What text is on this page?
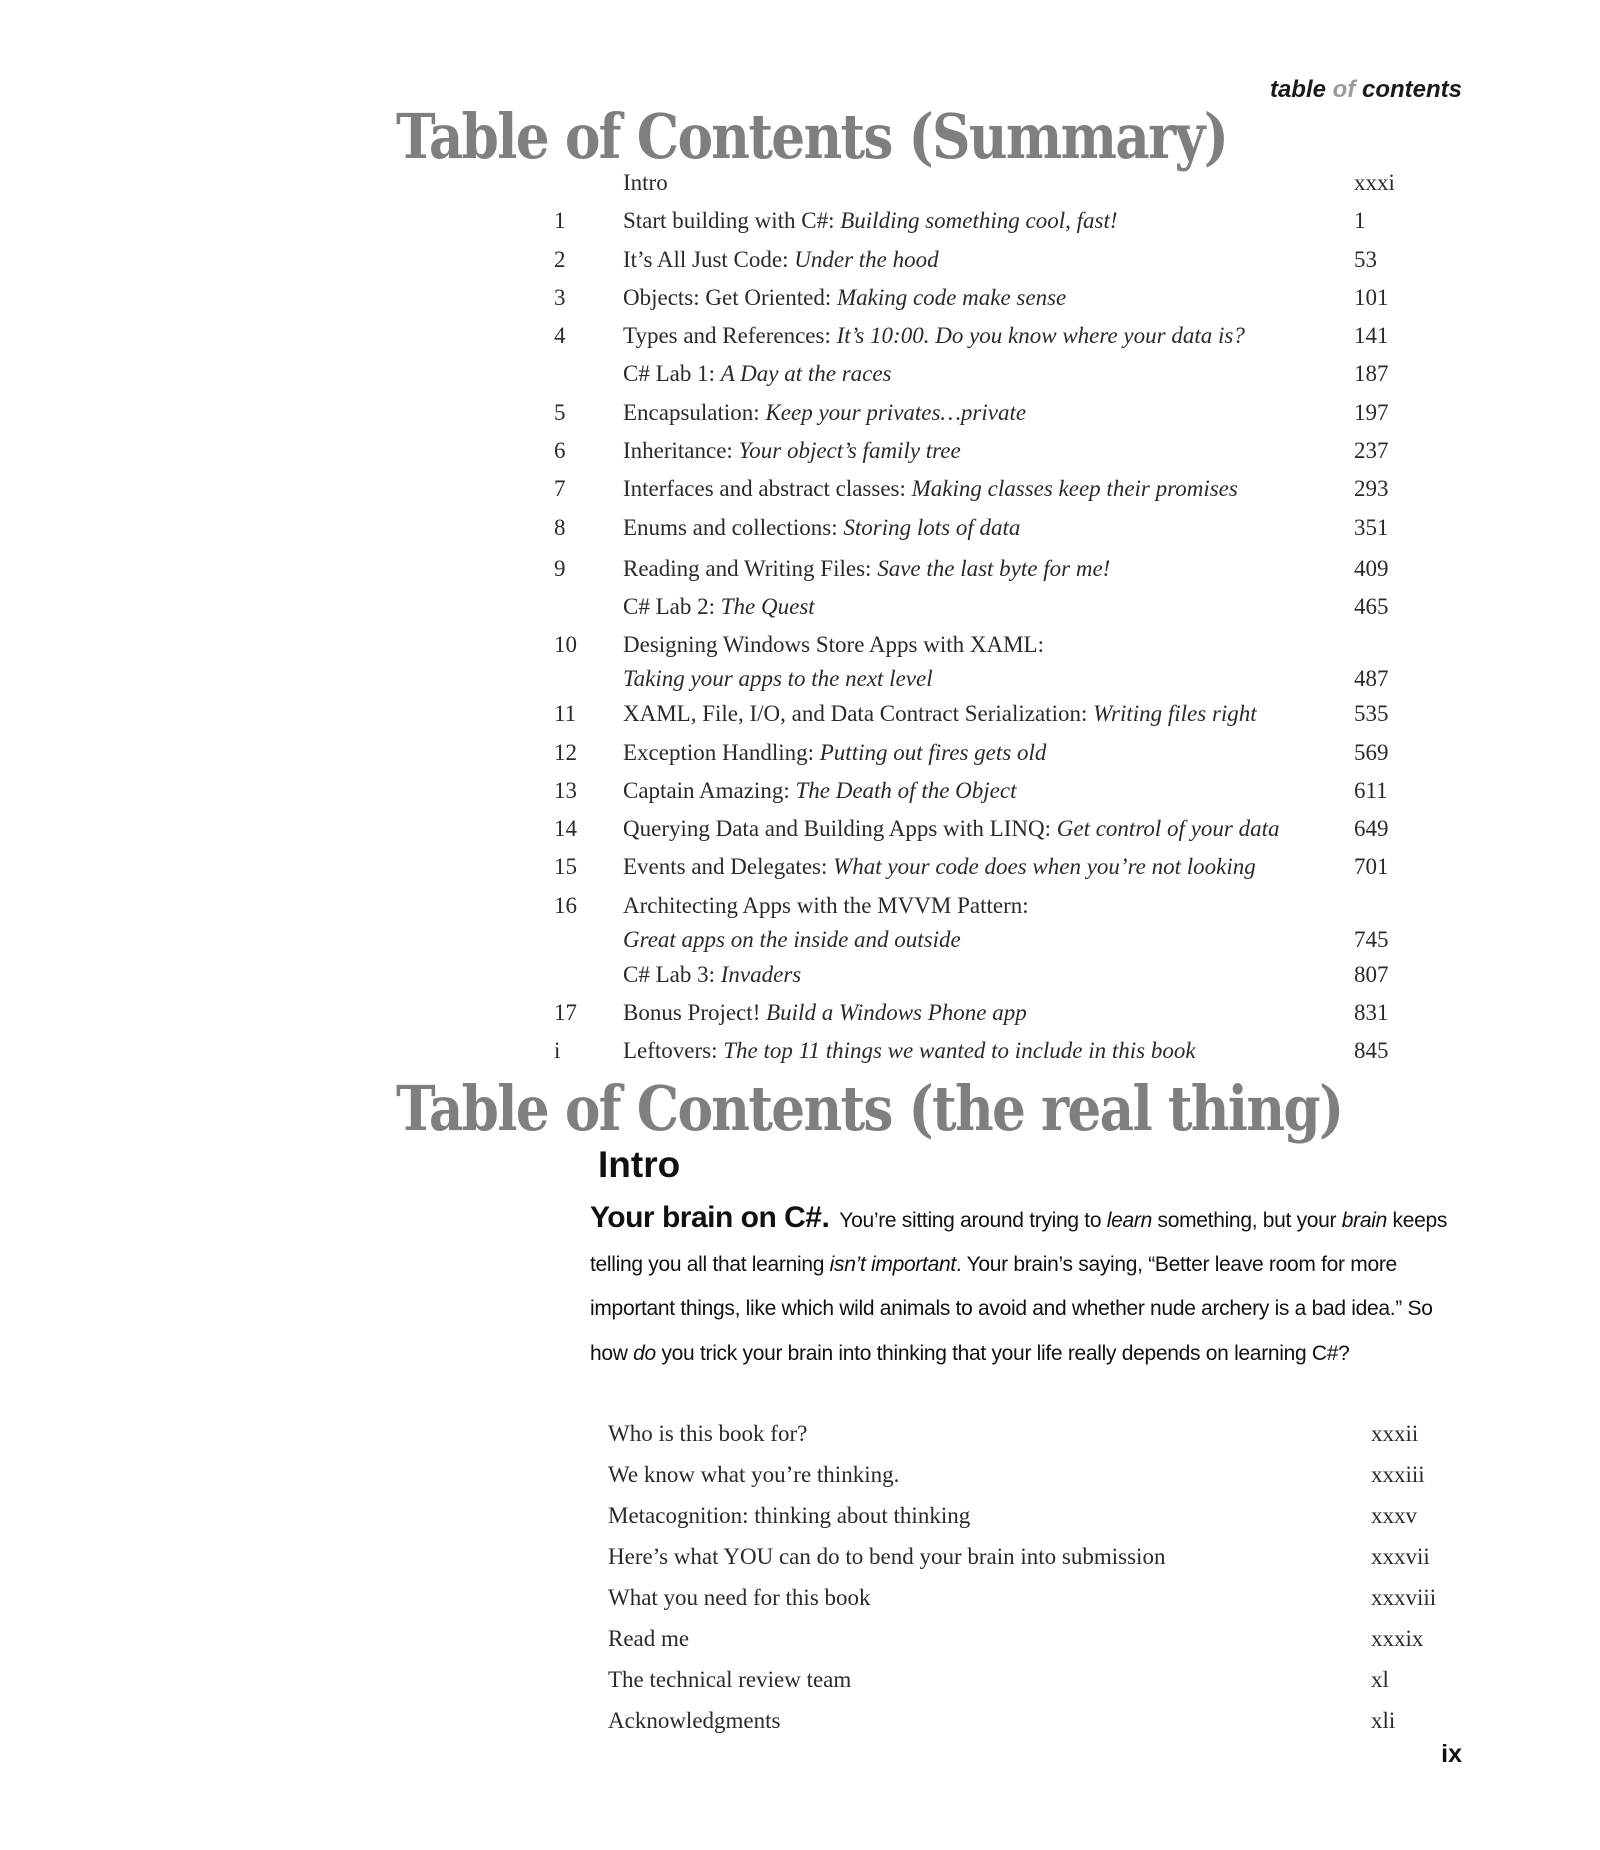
table of contents
Table of Contents (Summary)
Intro	xxxi
1	Start building with C#: Building something cool, fast!	1
2	It’s All Just Code: Under the hood	53
3	Objects: Get Oriented: Making code make sense	101
4	Types and References: It’s 10:00. Do you know where your data is?	141
C# Lab 1: A Day at the races	187
5	Encapsulation: Keep your privates…private	197
6	Inheritance: Your object’s family tree	237
7	Interfaces and abstract classes: Making classes keep their promises	293
8	Enums and collections: Storing lots of data	351
9	Reading and Writing Files: Save the last byte for me!	409
C# Lab 2: The Quest	465
10 Designing Windows Store Apps with XAML:
Taking your apps to the next level	487
11 XAML, File, I/O, and Data Contract Serialization: Writing files right	535
12 Exception Handling: Putting out fires gets old	569
13 Captain Amazing: The Death of the Object	611
14 Querying Data and Building Apps with LINQ: Get control of your data	649
15 Events and Delegates: What your code does when you’re not looking	701
16 Architecting Apps with the MVVM Pattern:
Great apps on the inside and outside	745
C# Lab 3: Invaders	807
17 Bonus Project! Build a Windows Phone app	831
i	Leftovers: The top 11 things we wanted to include in this book	845
Table of Contents (the real thing)
Intro
Your brain on C#. You’re sitting around trying to learn something, but your brain keeps telling you all that learning isn’t important. Your brain’s saying, “Better leave room for more important things, like which wild animals to avoid and whether nude archery is a bad idea.” So how do you trick your brain into thinking that your life really depends on learning C#?
Who is this book for?	xxxii
We know what you’re thinking.	xxxiii
Metacognition: thinking about thinking	xxxv
Here’s what YOU can do to bend your brain into submission	xxxvii
What you need for this book	xxxviii
Read me	xxxix
The technical review team	xl
Acknowledgments	xli
ix
